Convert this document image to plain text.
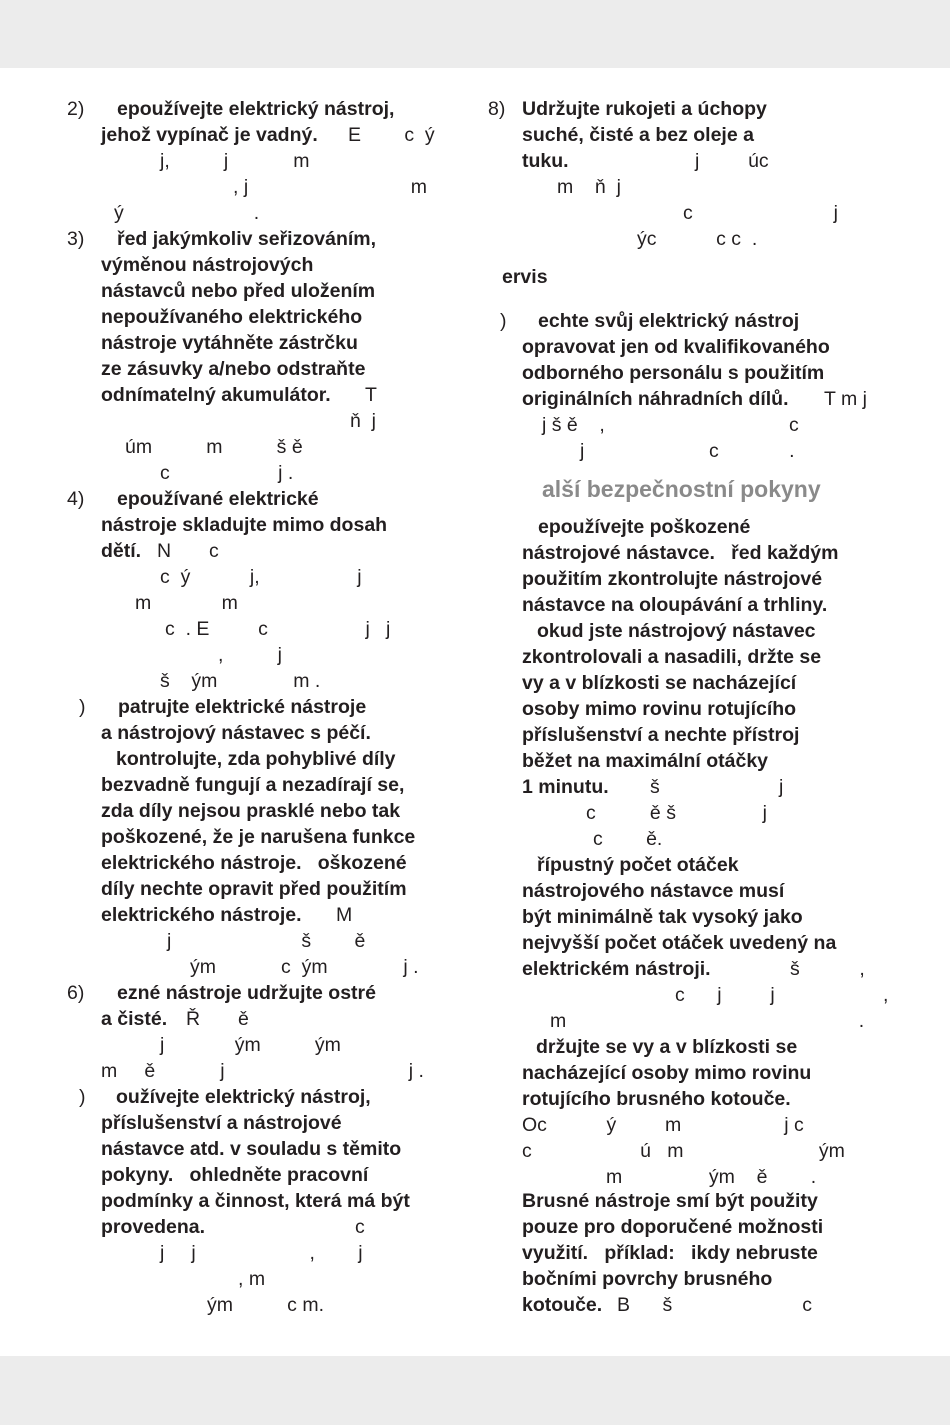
2) epoužívejte elektrický nástroj,
jehož vypínač je vadný. E        c  ý
j,          j            m
, j                              m
ý                        .
3) řed jakýmkoliv seřizováním,
výměnou nástrojových
nástavců nebo před uložením
nepoužívaného elektrického
nástroje vytáhněte zástrčku
ze zásuvky a/nebo odstraňte
odnímatelný akumulátor. T
ň  j
úm          m          š ě
c                    j .
4) epoužívané elektrické
nástroje skladujte mimo dosah
dětí. N       c
c  ý           j,                  j
m             m
c  . E         c                  j   j
,          j
š    ým              m .
) patrujte elektrické nástroje
a nástrojový nástavec s péčí.
kontrolujte, zda pohyblivé díly
bezvadně fungují a nezadírají se,
zda díly nejsou prasklé nebo tak
poškozené, že je narušena funkce
elektrického nástroje.   oškozené
díly nechte opravit před použitím
elektrického nástroje. M
j                        š        ě
ým            c  ým              j .
6) ezné nástroje udržujte ostré
a čisté. Ř       ě
j             ým          ým
m     ě            j                                  j .
) oužívejte elektrický nástroj,
příslušenství a nástrojové
nástavce atd. v souladu s těmito
pokyny.   ohledněte pracovní
podmínky a činnost, která má být
provedena.	c
j     j                     ,        j
, m
ým          c m.
alší bezpečnostní pokyny
8) Udržujte rukojeti a úchopy
suché, čisté a bez oleje a
tuku.	j         úc
m    ň  j
c                          j
ýc           c c  .
ervis
) echte svůj elektrický nástroj
opravovat jen od kvalifikovaného
odborného personálu s použitím
originálních náhradních dílů. T m j
j š ě    ,                                  c
j                       c             .
Brusné nástroje smí být použity
pouze pro doporučené možnosti
využití.   příklad:   ikdy nebruste
bočními povrchy brusného
kotouče. B      š                        c
epoužívejte poškozené
nástrojové nástavce.   řed každým
použitím zkontrolujte nástrojové
nástavce na oloupávání a trhliny.
okud jste nástrojový nástavec
zkontrolovali a nasadili, držte se
vy a v blízkosti se nacházející
osoby mimo rovinu rotujícího
příslušenství a nechte přístroj
běžet na maximální otáčky
1 minutu. š                      j
c          ě š                j
c        ě.
řípustný počet otáček
nástrojového nástavce musí
být minimálně tak vysoký jako
nejvyšší počet otáček uvedený na
elektrickém nástroji.	š           ,
c      j         j                    ,
m                                                      .
držujte se vy a v blízkosti se
nacházející osoby mimo rovinu
rotujícího brusného kotouče.
Oc           ý         m                   j c
c                    ú   m                         ým
m                ým    ě        .
